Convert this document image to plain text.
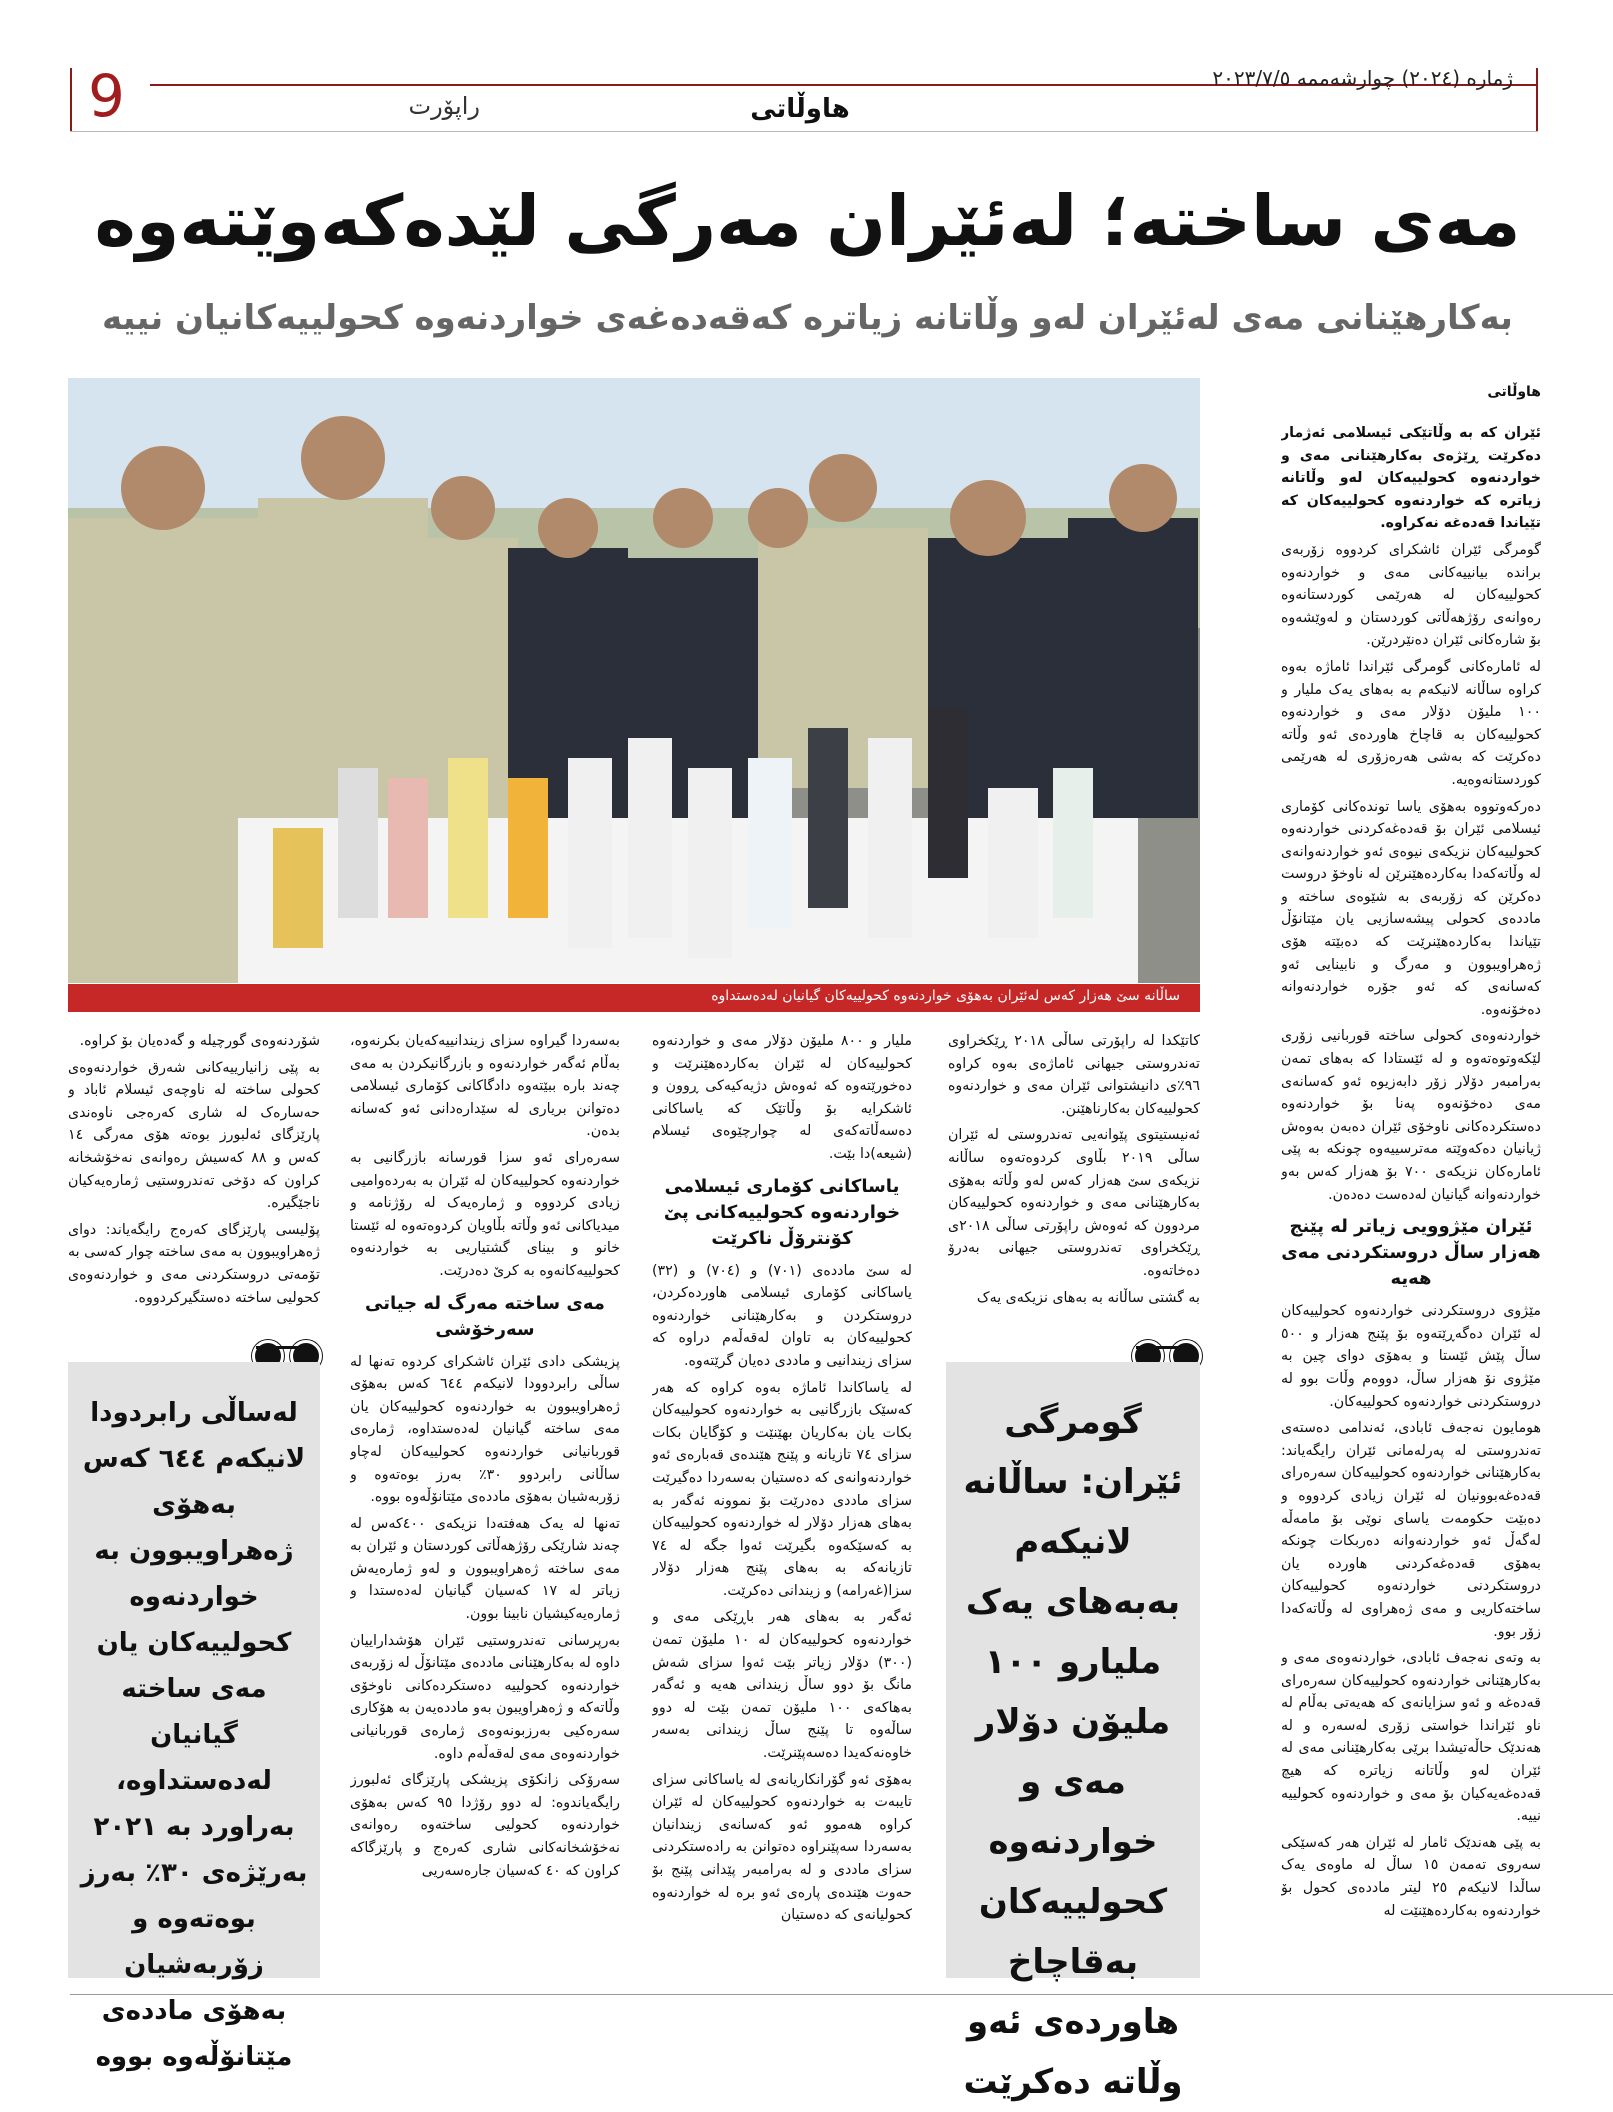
9	راپۆرت	هاوڵاتی
ژمارە (٢٠٢٤) چوارشەممە ٢٠٢٣/٧/٥
مەی ساختە؛ لەئێران مەرگی لێدەکەوێتەوە
بەکارهێنانی مەی لەئێران لەو وڵاتانە زیاترە کەقەدەغەی خواردنەوە کحولییەکانیان نییە
ساڵانە سێ هەزار کەس لەئێران بەهۆی خواردنەوە کحولییەکان گیانیان لەدەستداوە
هاوڵاتی

ئێران کە بە وڵاتێکی ئیسلامی ئەژمار دەکرێت ڕێژەی بەکارهێنانی مەی و خواردنەوە کحولییەکان لەو وڵاتانە زیاترە کە خواردنەوە کحولییەکان کە تێیاندا قەدەغە نەکراوە.

گومرگی ئێران ئاشکرای کردووە زۆربەی براندە بیانییەکانی مەی و خواردنەوە کحولییەکان لە هەرێمی کوردستانەوە رەوانەی رۆژهەڵاتی کوردستان و لەوێشەوە بۆ شارەکانی ئێران دەنێردرێن.

لە ئامارەکانی گومرگی ئێراندا ئاماژە بەوە کراوە ساڵانە لانیکەم بە بەهای یەک ملیار و ١٠٠ ملیۆن دۆلار مەی و خواردنەوە کحولییەکان بە قاچاخ هاوردەی ئەو وڵاتە دەکرێت کە بەشی هەرەزۆری لە هەرێمی کوردستانەوەیە.

دەرکەوتووە بەهۆی یاسا توندەکانی کۆماری ئیسلامی ئێران بۆ قەدەغەکردنی خواردنەوە کحولییەکان نزیکەی نیوەی ئەو خواردنەوانەی لە وڵاتەکەدا بەکاردەهێنرێن لە ناوخۆ دروست دەکرێن کە زۆربەی بە شێوەی ساختە و ماددەی کحولی پیشەسازیی یان مێتانۆڵ تێیاندا بەکاردەهێنرێت کە دەبێتە هۆی ژەهراویبوون و مەرگ و نابینایی ئەو کەسانەی کە ئەو جۆرە خواردنەوانە دەخۆنەوە.

خواردنەوەی کحولی ساختە قوربانیی زۆری لێکەوتوەتەوە و لە ئێستادا کە بەهای تمەن بەرامبەر دۆلار زۆر دابەزیوە ئەو کەسانەی مەی دەخۆنەوە پەنا بۆ خواردنەوە دەستکردەکانی ناوخۆی ئێران دەبەن بەوەش ژیانیان دەکەوێتە مەترسییەوە چونکە بە پێی ئامارەکان نزیکەی ٧٠٠ بۆ هەزار کەس بەو خواردنەوانە گیانیان لەدەست دەدەن.

ئێران مێژوویی زیاتر لە پێنج هەزار ساڵ دروستکردنی مەی هەیە

مێژوی دروستکردنی خواردنەوە کحولییەکان لە ئێران دەگەڕێتەوە بۆ پێنج هەزار و ٥٠٠ ساڵ پێش ئێستا و بەهۆی دوای چین بە مێژوی نۆ هەزار ساڵ، دووەم وڵات بوو لە دروستکردنی خواردنەوە کحولییەکان.

هومایون نەجەف ئابادی، ئەندامی دەستەی تەندروستی لە پەرلەمانی ئێران رایگەیاند: بەکارهێنانی خواردنەوە کحولییەکان سەرەرای قەدەغەبوونیان لە ئێران زیادی کردووە و دەبێت حکومەت یاسای نوێی بۆ مامەڵە لەگەڵ ئەو خواردنەوانە دەربکات چونکە بەهۆی قەدەغەکردنی هاوردە یان دروستکردنی خواردنەوە کحولییەکان ساختەکاریی و مەی ژەهراوی لە وڵاتەکەدا زۆر بوو.

بە وتەی نەجەف ئابادی، خواردنەوەی مەی و بەکارهێنانی خواردنەوە کحولییەکان سەرەرای قەدەغە و ئەو سزایانەی کە هەیەتی بەڵام لە ناو ئێراندا خواستی زۆری لەسەرە و لە هەندێک حاڵەتیشدا برێی بەکارهێنانی مەی لە ئێران لەو وڵاتانە زیاترە کە هیچ قەدەغەیەکیان بۆ مەی و خواردنەوە کحولییە نییە.

بە پێی هەندێک ئامار لە ئێران هەر کەسێکی سەروی تەمەن ١٥ ساڵ لە ماوەی یەک ساڵدا لانیکەم ٢٥ لیتر ماددەی کحول بۆ خواردنەوە بەکاردەهێنێت لە

کاتێکدا لە راپۆرتی ساڵی ٢٠١٨ ڕێکخراوی تەندروستی جیهانی ئاماژەی بەوە کراوە ٩٦٪ی دانیشتوانی ئێران مەی و خواردنەوە کحولییەکان بەکارناهێنن.

ئەنیستیتوی پێوانەیی تەندروستی لە ئێران ساڵی ٢٠١٩ بڵاوی کردوەتەوە ساڵانە نزیکەی سێ هەزار کەس لەو وڵاتە بەهۆی بەکارهێنانی مەی و خواردنەوە کحولییەکان مردوون کە ئەوەش راپۆرتی ساڵی ٢٠١٨ی ڕێکخراوی تەندروستی جیهانی بەدرۆ دەخاتەوە.

بە گشتی ساڵانە بە بەهای نزیکەی یەک

گومرگی ئێران: ساڵانە لانیکەم بەبەهای یەک ملیارو ١٠٠ ملیۆن دۆلار مەی و خواردنەوە کحولییەکان بەقاچاخ هاوردەی ئەو وڵاتە دەکرێت

ملیار و ٨٠٠ ملیۆن دۆلار مەی و خواردنەوە کحولییەکان لە ئێران بەکاردەهێنرێت و دەخورێتەوە کە ئەوەش دژیەکیەکی ڕوون و ئاشکرایە بۆ وڵاتێک کە یاساکانی دەسەڵاتەکەی لە چوارچێوەی ئیسلام (شیعە)دا بێت.

یاساکانی کۆماری ئیسلامی خواردنەوە کحولییەکانی پێ کۆنترۆڵ ناکرێت

لە سێ ماددەی (٧٠١) و (٧٠٤) و (٣٢) یاساکانی کۆماری ئیسلامی هاوردەکردن، دروستکردن و بەکارهێنانی خواردنەوە کحولییەکان بە تاوان لەقەڵەم دراوە کە سزای زیندانیی و ماددی دەیان گرێتەوە.

لە یاساکاندا ئاماژە بەوە کراوە کە هەر کەسێک بازرگانیی بە خواردنەوە کحولییەکان بکات یان بەکاریان بهێنێت و کۆگایان بکات سزای ٧٤ تازیانە و پێنج هێندەی قەبارەی ئەو خواردنەوانەی کە دەستیان بەسەردا دەگیرێت سزای ماددی دەدرێت بۆ نموونە ئەگەر بە بەهای هەزار دۆلار لە خواردنەوە کحولییەکان بە کەسێکەوە بگیرێت ئەوا جگە لە ٧٤ تازیانەکە بە بەهای پێنج هەزار دۆلار سزا(غەرامە) و زیندانی دەکرێت.

ئەگەر بە بەهای هەر باڕێکی مەی و خواردنەوە کحولییەکان لە ١٠ ملیۆن تمەن (٣٠٠) دۆلار زیاتر بێت ئەوا سزای شەش مانگ بۆ دوو ساڵ زیندانی هەیە و ئەگەر بەهاکەی ١٠٠ ملیۆن تمەن بێت لە دوو ساڵەوە تا پێنج ساڵ زیندانی بەسەر خاوەنەکەیدا دەسەپێنرێت.

بەهۆی ئەو گۆرانکاریانەی لە یاساکانی سزای تایبەت بە خواردنەوە کحولییەکان لە ئێران کراوە هەموو ئەو کەسانەی زیندانیان بەسەردا سەپێنراوە دەتوانن بە رادەستکردنی سزای ماددی و لە بەرامبەر پێدانی پێنج بۆ حەوت هێندەی پارەی ئەو برە لە خواردنەوە کحولیانەی کە دەستیان

بەسەردا گیراوە سزای زیندانییەکەیان بکرنەوە، بەڵام ئەگەر خواردنەوە و بازرگانیکردن بە مەی چەند بارە ببێتەوە دادگاکانی کۆماری ئیسلامی دەتوانن بریاری لە سێدارەدانی ئەو کەسانە بدەن.

سەرەرای ئەو سزا قورسانە بازرگانیی بە خواردنەوە کحولییەکان لە ئێران بە بەردەوامیی زیادی کردووە و ژمارەیەک لە رۆژنامە و میدیاکانی ئەو وڵاتە بڵاویان کردوەتەوە لە ئێستا خانو و بینای گشتیاریی بە خواردنەوە کحولییەکانەوە بە کرێ دەدرێت.

مەی ساختە مەرگ لە جیاتی سەرخۆشی

پزیشکی دادی ئێران ئاشکرای کردوە تەنها لە ساڵی رابردوودا لانیکەم ٦٤٤ کەس بەهۆی ژەهراویبوون بە خواردنەوە کحولییەکان یان مەی ساختە گیانیان لەدەستداوە، ژمارەی قوربانیانی خواردنەوە کحولییەکان لەچاو ساڵانی رابردوو ٣٠٪ بەرز بوەتەوە و زۆربەشیان بەهۆی ماددەی مێتانۆڵەوە بووە.

تەنها لە یەک هەفتەدا نزیکەی ٤٠٠کەس لە چەند شارێکی رۆژهەڵاتی کوردستان و ئێران بە مەی ساختە ژەهراویبوون و لەو ژمارەیەش زیاتر لە ١٧ کەسیان گیانیان لەدەستدا و ژمارەیەکیشیان نابینا بوون.

بەرپرسانی تەندروستیی ئێران هۆشداراییان داوە لە بەکارهێنانی ماددەی مێتانۆڵ لە زۆربەی خواردنەوە کحولییە دەستکردەکانی ناوخۆی وڵاتەکە و ژەهراویبون بەو ماددەیەن بە هۆکاری سەرەکیی بەرزبونەوەی ژمارەی قوربانیانی خواردنەوەی مەی لەقەڵەم داوە.

سەرۆکی زانکۆی پزیشکی پارێزگای ئەلبورز رایگەیاندوە: لە دوو رۆژدا ٩٥ کەس بەهۆی خواردنەوە کحولیی ساختەوە رەوانەی نەخۆشخانەکانی شاری کەرەج و پارێزگاکە کراون کە ٤٠ کەسیان جارەسەریی

شۆردنەوەی گورچیلە و گەدەیان بۆ کراوە.

بە پێی زانیارییەکانی شەرق خواردنەوەی کحولی ساختە لە ناوچەی ئیسلام ئاباد و حەسارەک لە شاری کەرەجی ناوەندی پارێزگای ئەلبورز بوەتە هۆی مەرگی ١٤ کەس و ٨٨ کەسیش رەوانەی نەخۆشخانە کراون کە دۆخی تەندروستیی ژمارەیەکیان ناجێگیرە.

پۆلیسی پارێزگای کەرەج رایگەیاند: دوای ژەهراویبوون بە مەی ساختە چوار کەسی بە تۆمەتی دروستکردنی مەی و خواردنەوەی کحولیی ساختە دەستگیرکردووە.

لەساڵی رابردودا لانیکەم ٦٤٤ کەس بەهۆی ژەهراویبوون بە خواردنەوە کحولییەکان یان مەی ساختە گیانیان لەدەستداوە، بەراورد بە ٢٠٢١ بەرێژەی ٣٠٪ بەرز بوەتەوە و زۆربەشیان بەهۆی ماددەی مێتانۆڵەوە بووە
